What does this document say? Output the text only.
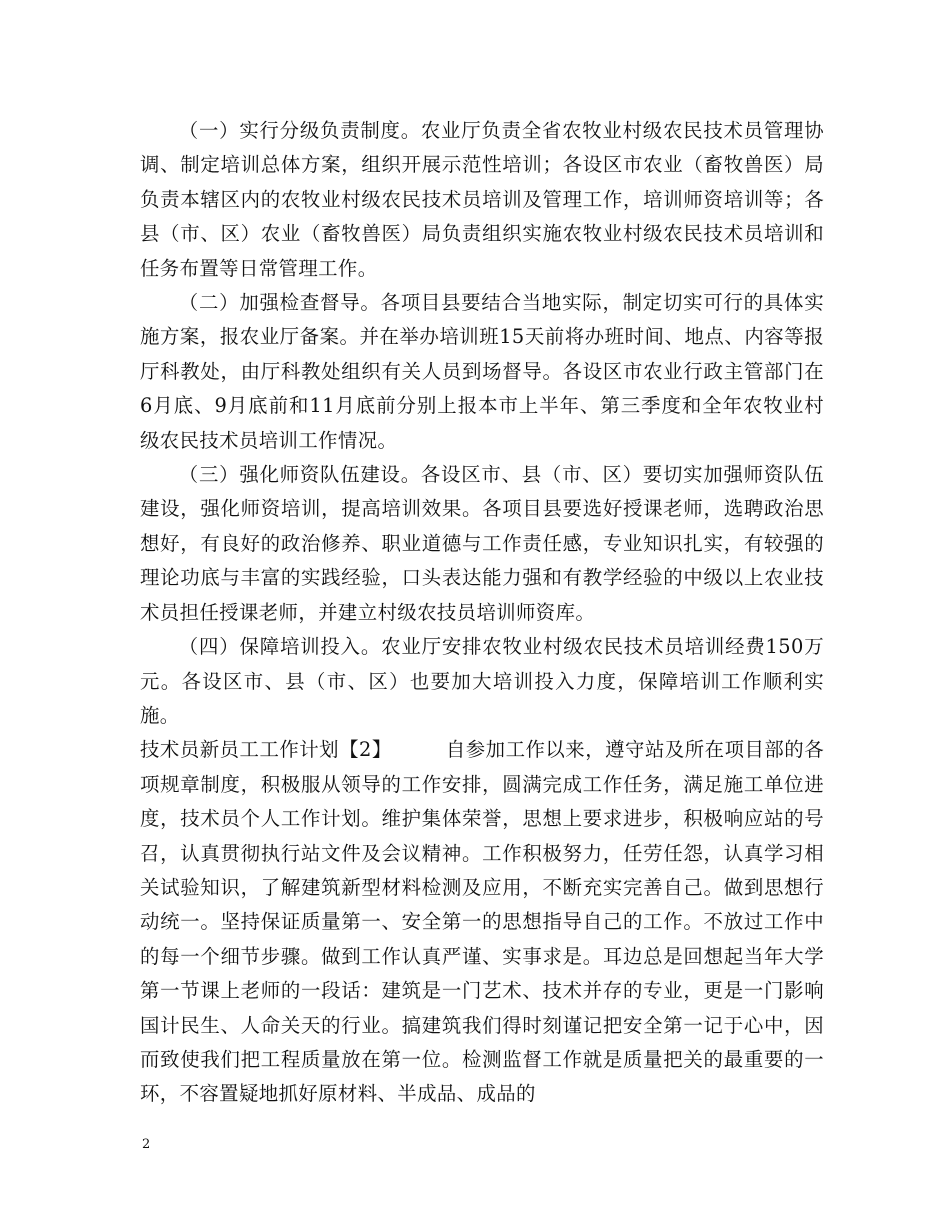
（一）实行分级负责制度。农业厅负责全省农牧业村级农民技术员管理协调、制定培训总体方案，组织开展示范性培训；各设区市农业（畜牧兽医）局负责本辖区内的农牧业村级农民技术员培训及管理工作，培训师资培训等；各县（市、区）农业（畜牧兽医）局负责组织实施农牧业村级农民技术员培训和任务布置等日常管理工作。

（二）加强检查督导。各项目县要结合当地实际，制定切实可行的具体实施方案，报农业厅备案。并在举办培训班15天前将办班时间、地点、内容等报厅科教处，由厅科教处组织有关人员到场督导。各设区市农业行政主管部门在6月底、9月底前和11月底前分别上报本市上半年、第三季度和全年农牧业村级农民技术员培训工作情况。

（三）强化师资队伍建设。各设区市、县（市、区）要切实加强师资队伍建设，强化师资培训，提高培训效果。各项目县要选好授课老师，选聘政治思想好，有良好的政治修养、职业道德与工作责任感，专业知识扎实，有较强的理论功底与丰富的实践经验，口头表达能力强和有教学经验的中级以上农业技术员担任授课老师，并建立村级农技员培训师资库。

（四）保障培训投入。农业厅安排农牧业村级农民技术员培训经费150万元。各设区市、县（市、区）也要加大培训投入力度，保障培训工作顺利实施。

技术员新员工工作计划【2】	自参加工作以来，遵守站及所在项目部的各项规章制度，积极服从领导的工作安排，圆满完成工作任务，满足施工单位进度，技术员个人工作计划。维护集体荣誉，思想上要求进步，积极响应站的号召，认真贯彻执行站文件及会议精神。工作积极努力，任劳任怨，认真学习相关试验知识，了解建筑新型材料检测及应用，不断充实完善自己。做到思想行动统一。坚持保证质量第一、安全第一的思想指导自己的工作。不放过工作中的每一个细节步骤。做到工作认真严谨、实事求是。耳边总是回想起当年大学第一节课上老师的一段话：建筑是一门艺术、技术并存的专业，更是一门影响国计民生、人命关天的行业。搞建筑我们得时刻谨记把安全第一记于心中，因而致使我们把工程质量放在第一位。检测监督工作就是质量把关的最重要的一环，不容置疑地抓好原材料、半成品、成品的

2
